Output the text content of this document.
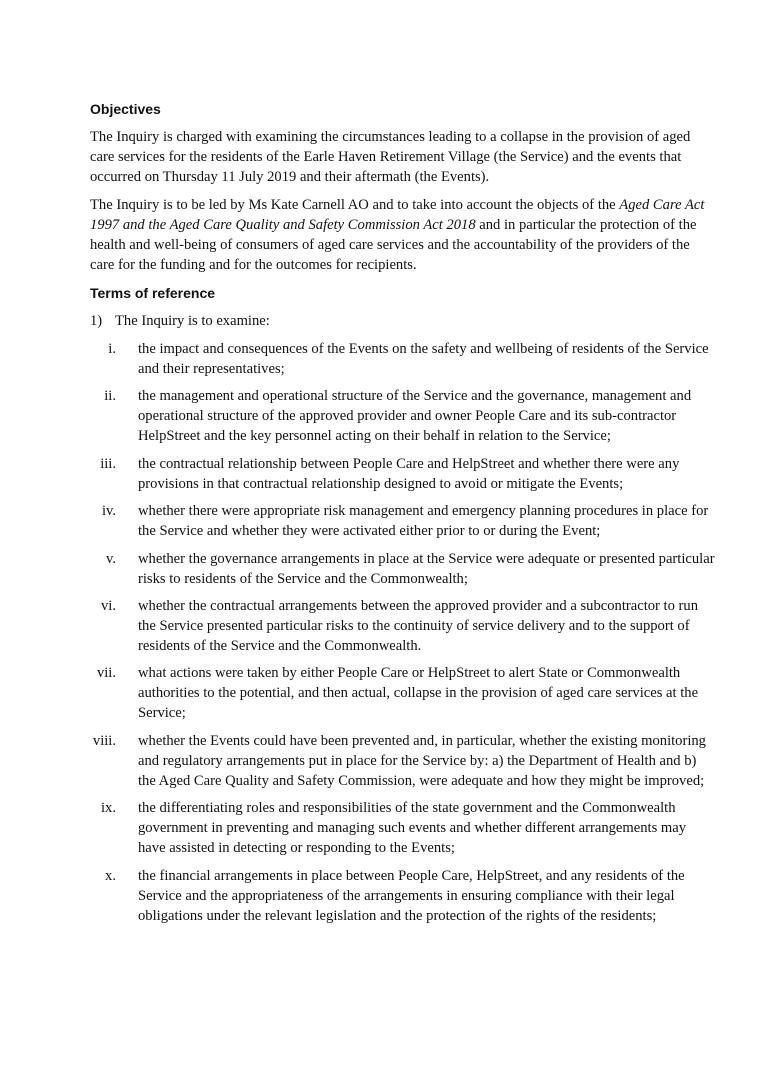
Objectives

The Inquiry is charged with examining the circumstances leading to a collapse in the provision of aged care services for the residents of the Earle Haven Retirement Village (the Service) and the events that occurred on Thursday 11 July 2019 and their aftermath (the Events).

The Inquiry is to be led by Ms Kate Carnell AO and to take into account the objects of the Aged Care Act 1997 and the Aged Care Quality and Safety Commission Act 2018 and in particular the protection of the health and well-being of consumers of aged care services and the accountability of the providers of the care for the funding and for the outcomes for recipients.

Terms of reference
1) The Inquiry is to examine:
i. the impact and consequences of the Events on the safety and wellbeing of residents of the Service and their representatives;
ii. the management and operational structure of the Service and the governance, management and operational structure of the approved provider and owner People Care and its sub-contractor HelpStreet and the key personnel acting on their behalf in relation to the Service;
iii. the contractual relationship between People Care and HelpStreet and whether there were any provisions in that contractual relationship designed to avoid or mitigate the Events;
iv. whether there were appropriate risk management and emergency planning procedures in place for the Service and whether they were activated either prior to or during the Event;
v. whether the governance arrangements in place at the Service were adequate or presented particular risks to residents of the Service and the Commonwealth;
vi. whether the contractual arrangements between the approved provider and a subcontractor to run the Service presented particular risks to the continuity of service delivery and to the support of residents of the Service and the Commonwealth.
vii. what actions were taken by either People Care or HelpStreet to alert State or Commonwealth authorities to the potential, and then actual, collapse in the provision of aged care services at the Service;
viii. whether the Events could have been prevented and, in particular, whether the existing monitoring and regulatory arrangements put in place for the Service by: a) the Department of Health and b) the Aged Care Quality and Safety Commission, were adequate and how they might be improved;
ix. the differentiating roles and responsibilities of the state government and the Commonwealth government in preventing and managing such events and whether different arrangements may have assisted in detecting or responding to the Events;
x. the financial arrangements in place between People Care, HelpStreet, and any residents of the Service and the appropriateness of the arrangements in ensuring compliance with their legal obligations under the relevant legislation and the protection of the rights of the residents;
